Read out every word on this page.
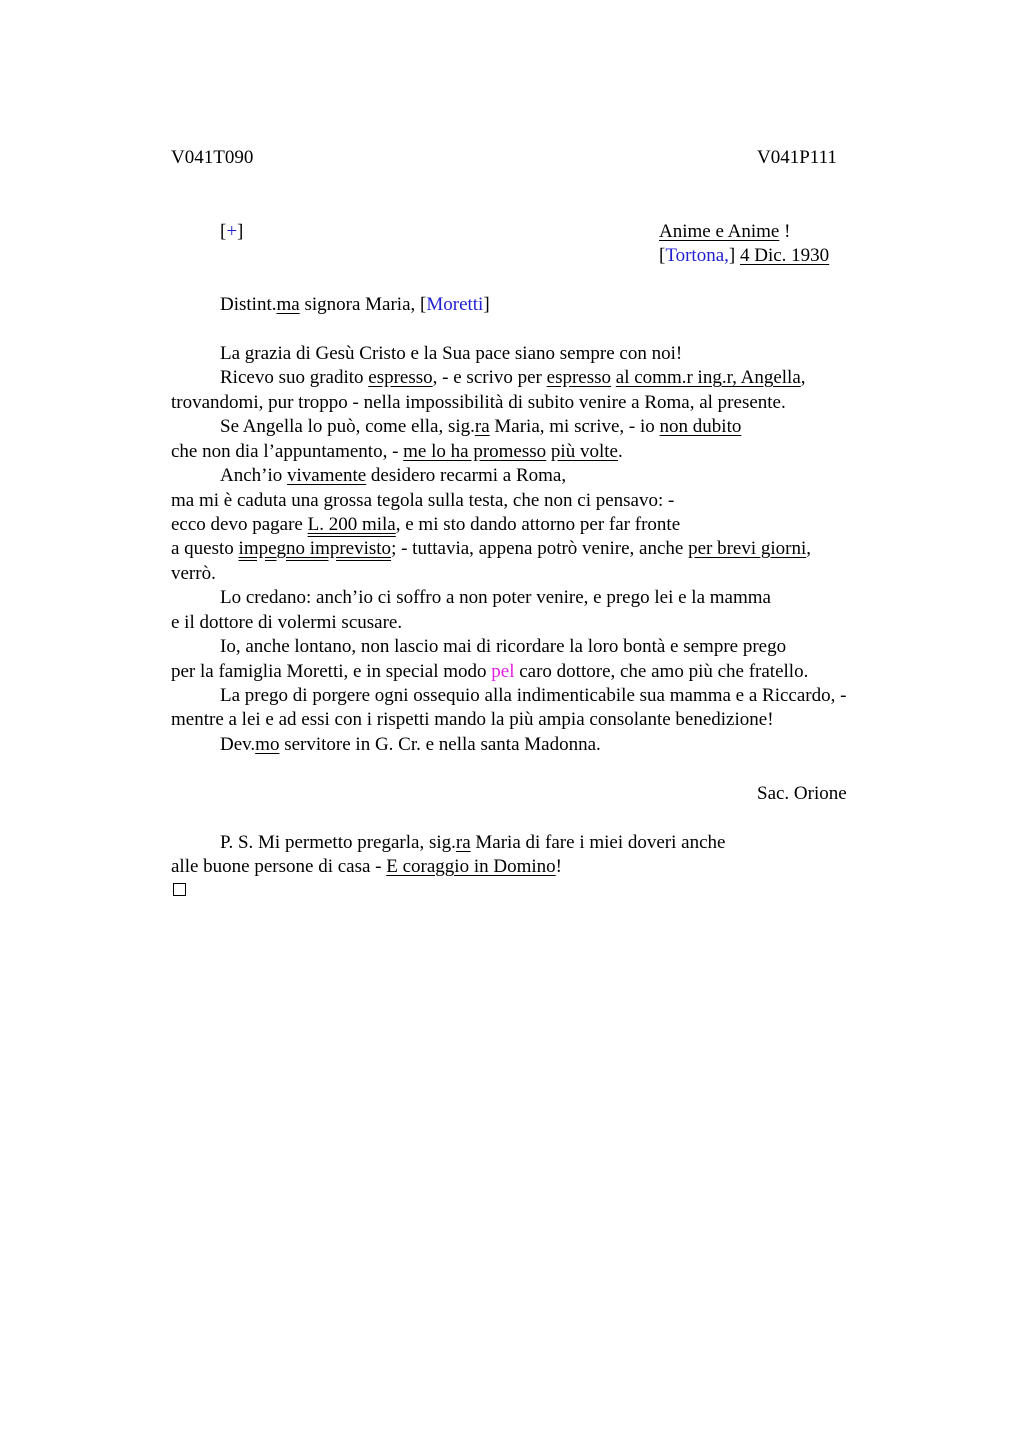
V041T090	V041P111
[+]	Anime e Anime !
[Tortona,] 4 Dic. 1930
Distint.ma signora Maria, [Moretti]
La grazia di Gesù Cristo e la Sua pace siano sempre con noi!
Ricevo suo gradito espresso, - e scrivo per espresso al comm.r ing.r, Angella,
trovandomi, pur troppo - nella impossibilità di subito venire a Roma, al presente.
Se Angella lo può, come ella, sig.ra Maria, mi scrive, - io non dubito
che non dia l’appuntamento, - me lo ha promesso più volte.
Anch’io vivamente desidero recarmi a Roma,
ma mi è caduta una grossa tegola sulla testa, che non ci pensavo: -
ecco devo pagare L. 200 mila, e mi sto dando attorno per far fronte
a questo impegno imprevisto; - tuttavia, appena potrò venire, anche per brevi giorni,
verrò.
Lo credano: anch’io ci soffro a non poter venire, e prego lei e la mamma
e il dottore di volermi scusare.
Io, anche lontano, non lascio mai di ricordare la loro bontà e sempre prego
per la famiglia Moretti, e in special modo pel caro dottore, che amo più che fratello.
La prego di porgere ogni ossequio alla indimenticabile sua mamma e a Riccardo, -
mentre a lei e ad essi con i rispetti mando la più ampia consolante benedizione!
Dev.mo servitore in G. Cr. e nella santa Madonna.
Sac. Orione
P. S. Mi permetto pregarla, sig.ra Maria di fare i miei doveri anche
alle buone persone di casa - E coraggio in Domino!
